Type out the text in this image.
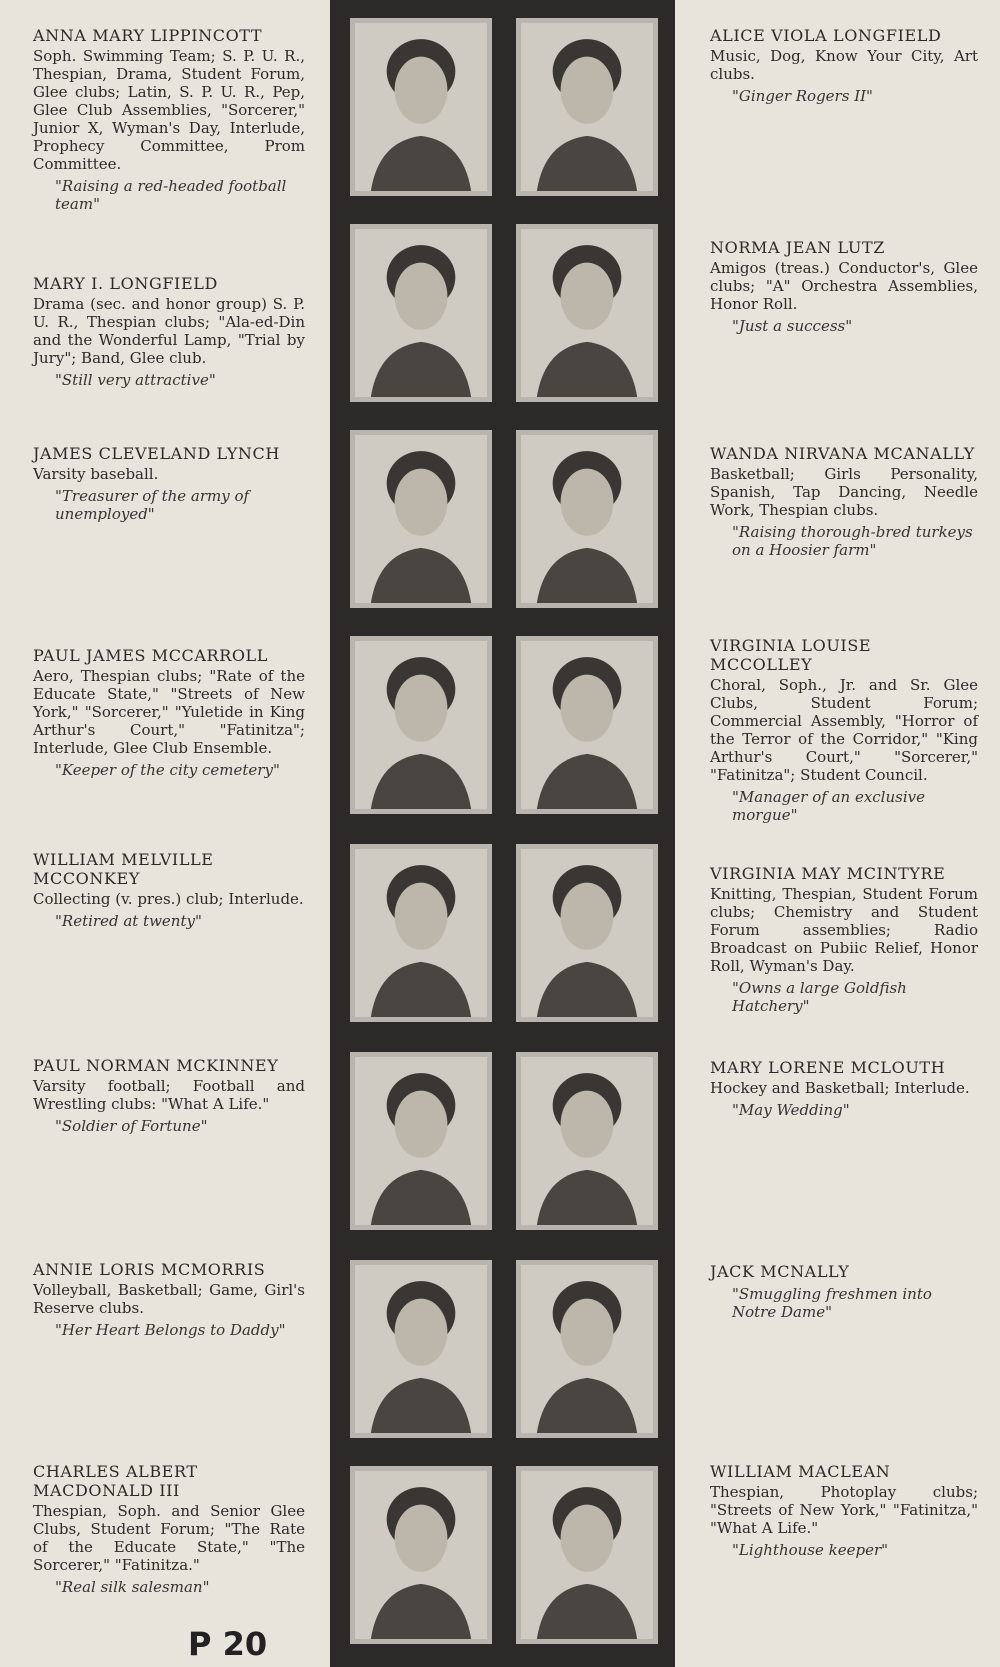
ANNA MARY LIPPINCOTT

Soph. Swimming Team; S. P. U. R., Thespian, Drama, Student Forum, Glee clubs; Latin, S. P. U. R., Pep, Glee Club Assemblies, "Sorcerer," Junior X, Wyman's Day, Interlude, Prophecy Committee, Prom Committee.

"Raising a red-headed football team"

MARY I. LONGFIELD

Drama (sec. and honor group) S. P. U. R., Thespian clubs; "Ala-ed-Din and the Wonderful Lamp, "Trial by Jury"; Band, Glee club.

"Still very attractive"

JAMES CLEVELAND LYNCH

Varsity baseball.

"Treasurer of the army of unemployed"

PAUL JAMES MCCARROLL

Aero, Thespian clubs; "Rate of the Educate State," "Streets of New York," "Sorcerer," "Yuletide in King Arthur's Court," "Fatinitza"; Interlude, Glee Club Ensemble.

"Keeper of the city cemetery"

WILLIAM MELVILLE MCCONKEY

Collecting (v. pres.) club; Interlude.

"Retired at twenty"

PAUL NORMAN MCKINNEY

Varsity football; Football and Wrestling clubs: "What A Life."

"Soldier of Fortune"

ANNIE LORIS MCMORRIS

Volleyball, Basketball; Game, Girl's Reserve clubs.

"Her Heart Belongs to Daddy"

CHARLES ALBERT MACDONALD III

Thespian, Soph. and Senior Glee Clubs, Student Forum; "The Rate of the Educate State," "The Sorcerer," "Fatinitza."

"Real silk salesman"

ALICE VIOLA LONGFIELD

Music, Dog, Know Your City, Art clubs.

"Ginger Rogers II"

NORMA JEAN LUTZ

Amigos (treas.) Conductor's, Glee clubs; "A" Orchestra Assemblies, Honor Roll.

"Just a success"

WANDA NIRVANA MCANALLY

Basketball; Girls Personality, Spanish, Tap Dancing, Needle Work, Thespian clubs.

"Raising thorough-bred turkeys on a Hoosier farm"

VIRGINIA LOUISE MCCOLLEY

Choral, Soph., Jr. and Sr. Glee Clubs, Student Forum; Commercial Assembly, "Horror of the Terror of the Corridor," "King Arthur's Court," "Sorcerer," "Fatinitza"; Student Council.

"Manager of an exclusive morgue"

VIRGINIA MAY MCINTYRE

Knitting, Thespian, Student Forum clubs; Chemistry and Student Forum assemblies; Radio Broadcast on Pubiic Relief, Honor Roll, Wyman's Day.

"Owns a large Goldfish Hatchery"

MARY LORENE MCLOUTH

Hockey and Basketball; Interlude.

"May Wedding"

JACK MCNALLY

"Smuggling freshmen into Notre Dame"

WILLIAM MACLEAN

Thespian, Photoplay clubs; "Streets of New York," "Fatinitza," "What A Life."

"Lighthouse keeper"

P 20
